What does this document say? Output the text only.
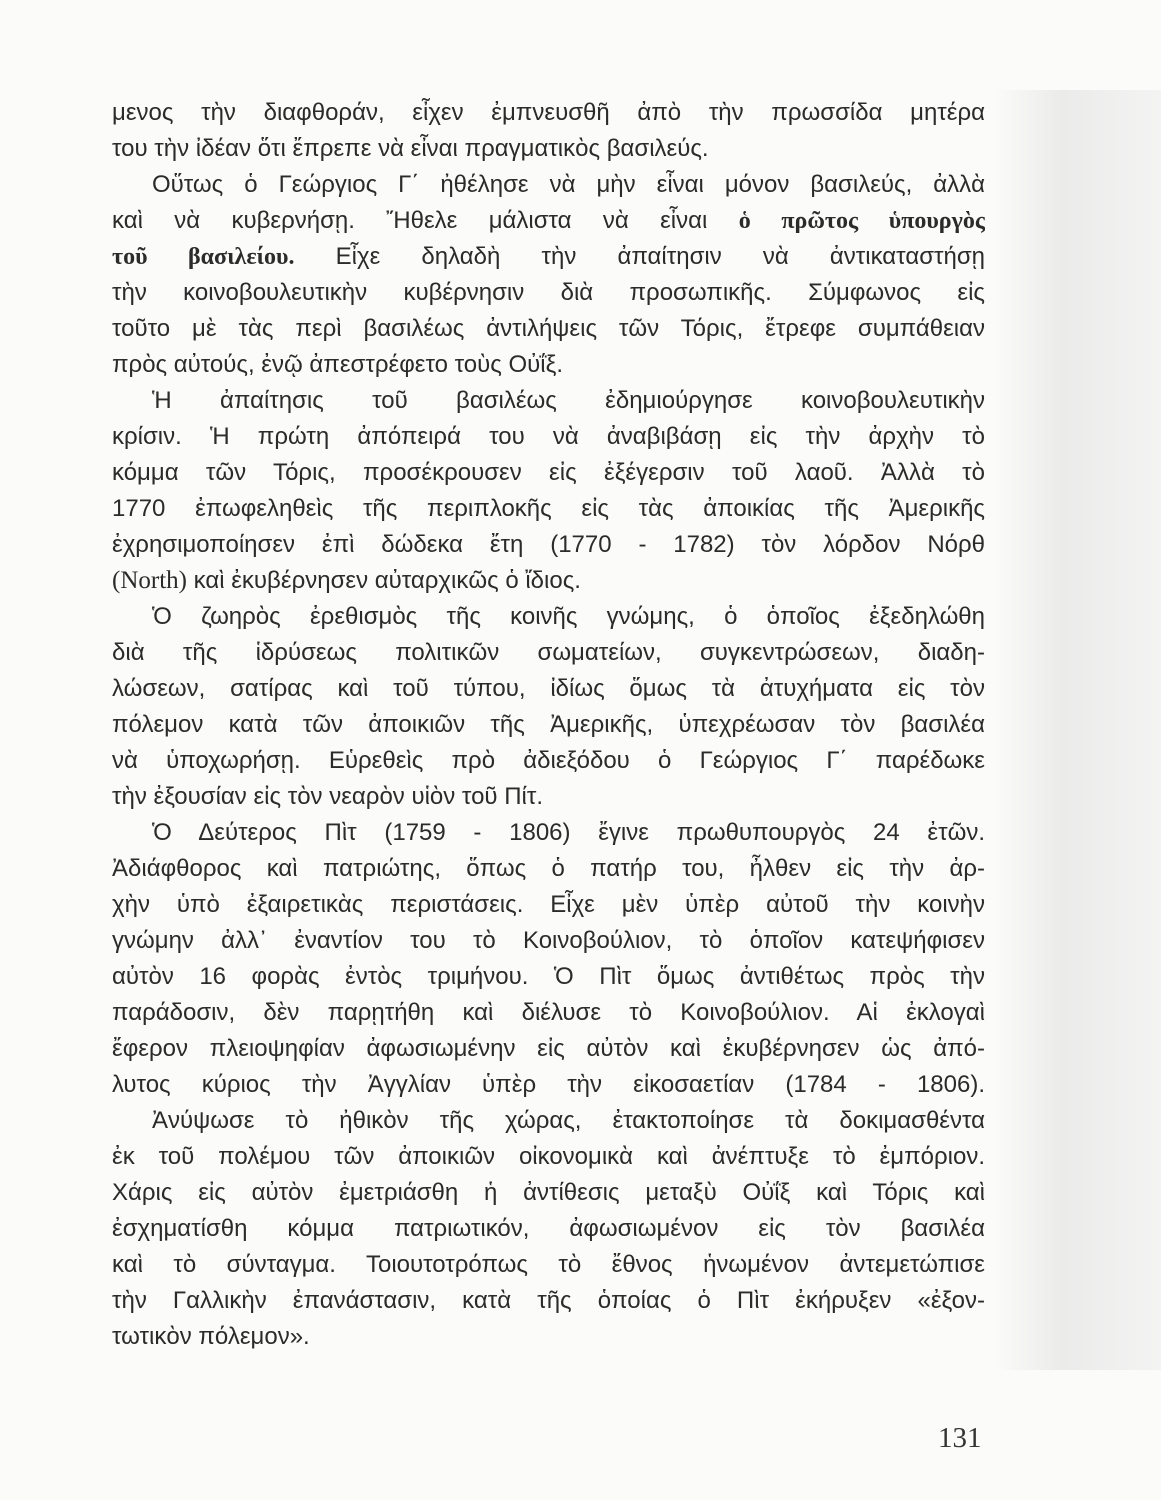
μενος τὴν διαφθοράν, εἶχεν ἐμπνευσθῆ ἀπὸ τὴν πρωσσίδα μητέρα
του τὴν ἰδέαν ὅτι ἔπρεπε νὰ εἶναι πραγματικὸς βασιλεύς.
Οὕτως ὁ Γεώργιος Γ΄ ἠθέλησε νὰ μὴν εἶναι μόνον βασιλεύς, ἀλλὰ
καὶ νὰ κυβερνήσῃ. Ἤθελε μάλιστα νὰ εἶναι ὁ πρῶτος ὑπουργὸς
τοῦ βασιλείου. Εἶχε δηλαδὴ τὴν ἀπαίτησιν νὰ ἀντικαταστήσῃ
τὴν κοινοβουλευτικὴν κυβέρνησιν διὰ προσωπικῆς. Σύμφωνος εἰς
τοῦτο μὲ τὰς περὶ βασιλέως ἀντιλήψεις τῶν Τόρις, ἔτρεφε συμπάθειαν
πρὸς αὐτούς, ἐνῷ ἀπεστρέφετο τοὺς Οὐΐξ.
Ἡ ἀπαίτησις τοῦ βασιλέως ἐδημιούργησε κοινοβουλευτικὴν
κρίσιν. Ἡ πρώτη ἀπόπειρά του νὰ ἀναβιβάσῃ εἰς τὴν ἀρχὴν τὸ
κόμμα τῶν Τόρις, προσέκρουσεν εἰς ἐξέγερσιν τοῦ λαοῦ. Ἀλλὰ τὸ
1770 ἐπωφεληθεὶς τῆς περιπλοκῆς εἰς τὰς ἀποικίας τῆς Ἀμερικῆς
ἐχρησιμοποίησεν ἐπὶ δώδεκα ἔτη (1770 - 1782) τὸν λόρδον Νόρθ
(North) καὶ ἐκυβέρνησεν αὐταρχικῶς ὁ ἴδιος.
Ὁ ζωηρὸς ἐρεθισμὸς τῆς κοινῆς γνώμης, ὁ ὁποῖος ἐξεδηλώθη
διὰ τῆς ἱδρύσεως πολιτικῶν σωματείων, συγκεντρώσεων, διαδη-
λώσεων, σατίρας καὶ τοῦ τύπου, ἰδίως ὅμως τὰ ἀτυχήματα εἰς τὸν
πόλεμον κατὰ τῶν ἀποικιῶν τῆς Ἀμερικῆς, ὑπεχρέωσαν τὸν βασιλέα
νὰ ὑποχωρήσῃ. Εὑρεθεὶς πρὸ ἀδιεξόδου ὁ Γεώργιος Γ΄ παρέδωκε
τὴν ἐξουσίαν εἰς τὸν νεαρὸν υἱὸν τοῦ Πίτ.
Ὁ Δεύτερος Πὶτ (1759 - 1806) ἔγινε πρωθυπουργὸς 24 ἐτῶν.
Ἀδιάφθορος καὶ πατριώτης, ὅπως ὁ πατήρ του, ἦλθεν εἰς τὴν ἀρ-
χὴν ὑπὸ ἐξαιρετικὰς περιστάσεις. Εἶχε μὲν ὑπὲρ αὐτοῦ τὴν κοινὴν
γνώμην ἀλλ᾽ ἐναντίον του τὸ Κοινοβούλιον, τὸ ὁποῖον κατεψήφισεν
αὐτὸν 16 φορὰς ἐντὸς τριμήνου. Ὁ Πὶτ ὅμως ἀντιθέτως πρὸς τὴν
παράδοσιν, δὲν παρῃτήθη καὶ διέλυσε τὸ Κοινοβούλιον. Αἱ ἐκλογαὶ
ἔφερον πλειοψηφίαν ἀφωσιωμένην εἰς αὐτὸν καὶ ἐκυβέρνησεν ὡς ἀπό-
λυτος κύριος τὴν Ἀγγλίαν ὑπὲρ τὴν εἰκοσαετίαν (1784 - 1806).
Ἀνύψωσε τὸ ἠθικὸν τῆς χώρας, ἐτακτοποίησε τὰ δοκιμασθέντα
ἐκ τοῦ πολέμου τῶν ἀποικιῶν οἰκονομικὰ καὶ ἀνέπτυξε τὸ ἐμπόριον.
Χάρις εἰς αὐτὸν ἐμετριάσθη ἡ ἀντίθεσις μεταξὺ Οὐΐξ καὶ Τόρις καὶ
ἐσχηματίσθη κόμμα πατριωτικόν, ἀφωσιωμένον εἰς τὸν βασιλέα
καὶ τὸ σύνταγμα. Τοιουτοτρόπως τὸ ἔθνος ἡνωμένον ἀντεμετώπισε
τὴν Γαλλικὴν ἐπανάστασιν, κατὰ τῆς ὁποίας ὁ Πὶτ ἐκήρυξεν «ἐξον-
τωτικὸν πόλεμον».
131
